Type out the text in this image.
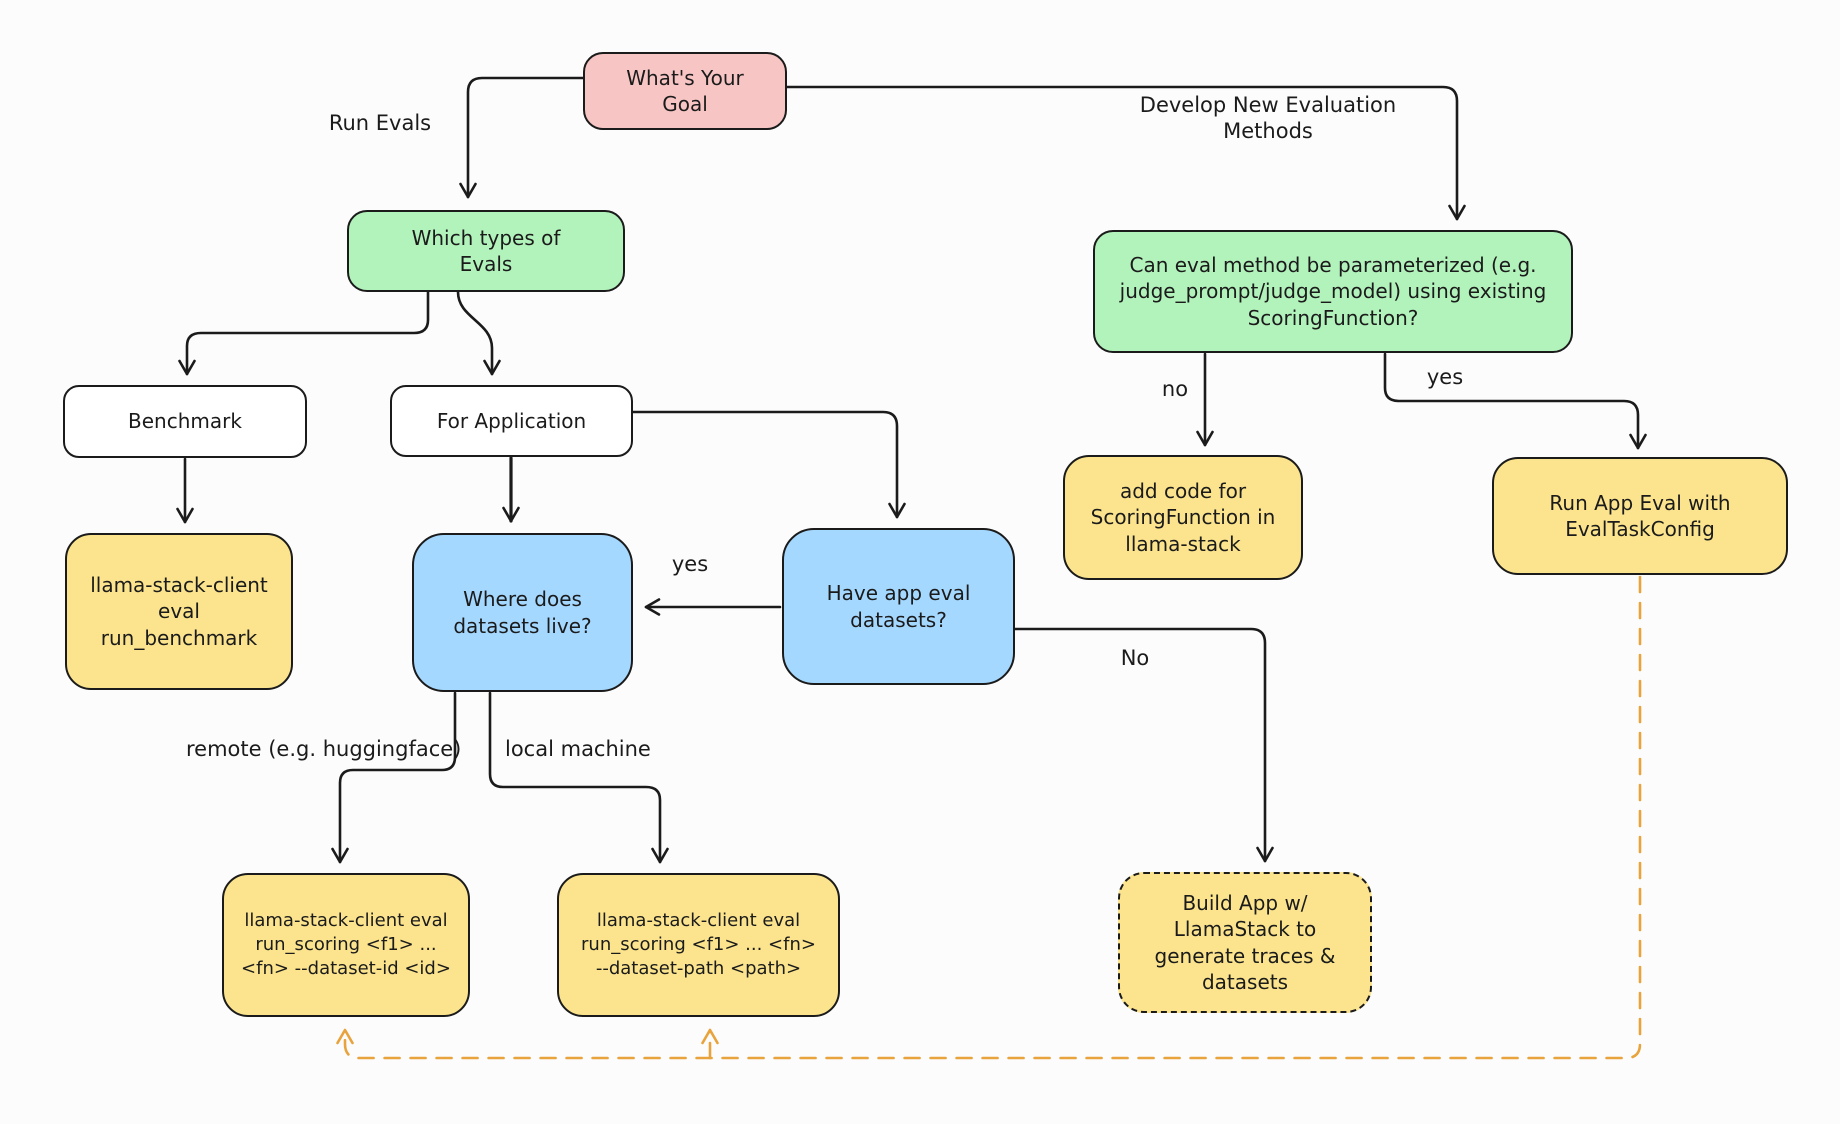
What's Your Goal
Which types of Evals	Can eval method be parameterized (e.g. judge_prompt/judge_model) using existing ScoringFunction?
Benchmark	For Application
llama-stack-client eval run_benchmark
Where does datasets live?
Have app eval datasets?
add code for ScoringFunction in llama-stack
Run App Eval with EvalTaskConfig
llama-stack-client eval run_scoring <f1> ... <fn> --dataset-id <id>
llama-stack-client eval run_scoring <f1> ... <fn> --dataset-path <path>
Build App w/ LlamaStack to generate traces & datasets
Run Evals
Develop New Evaluation Methods
no	yes
yes
No
remote (e.g. huggingface) local machine
